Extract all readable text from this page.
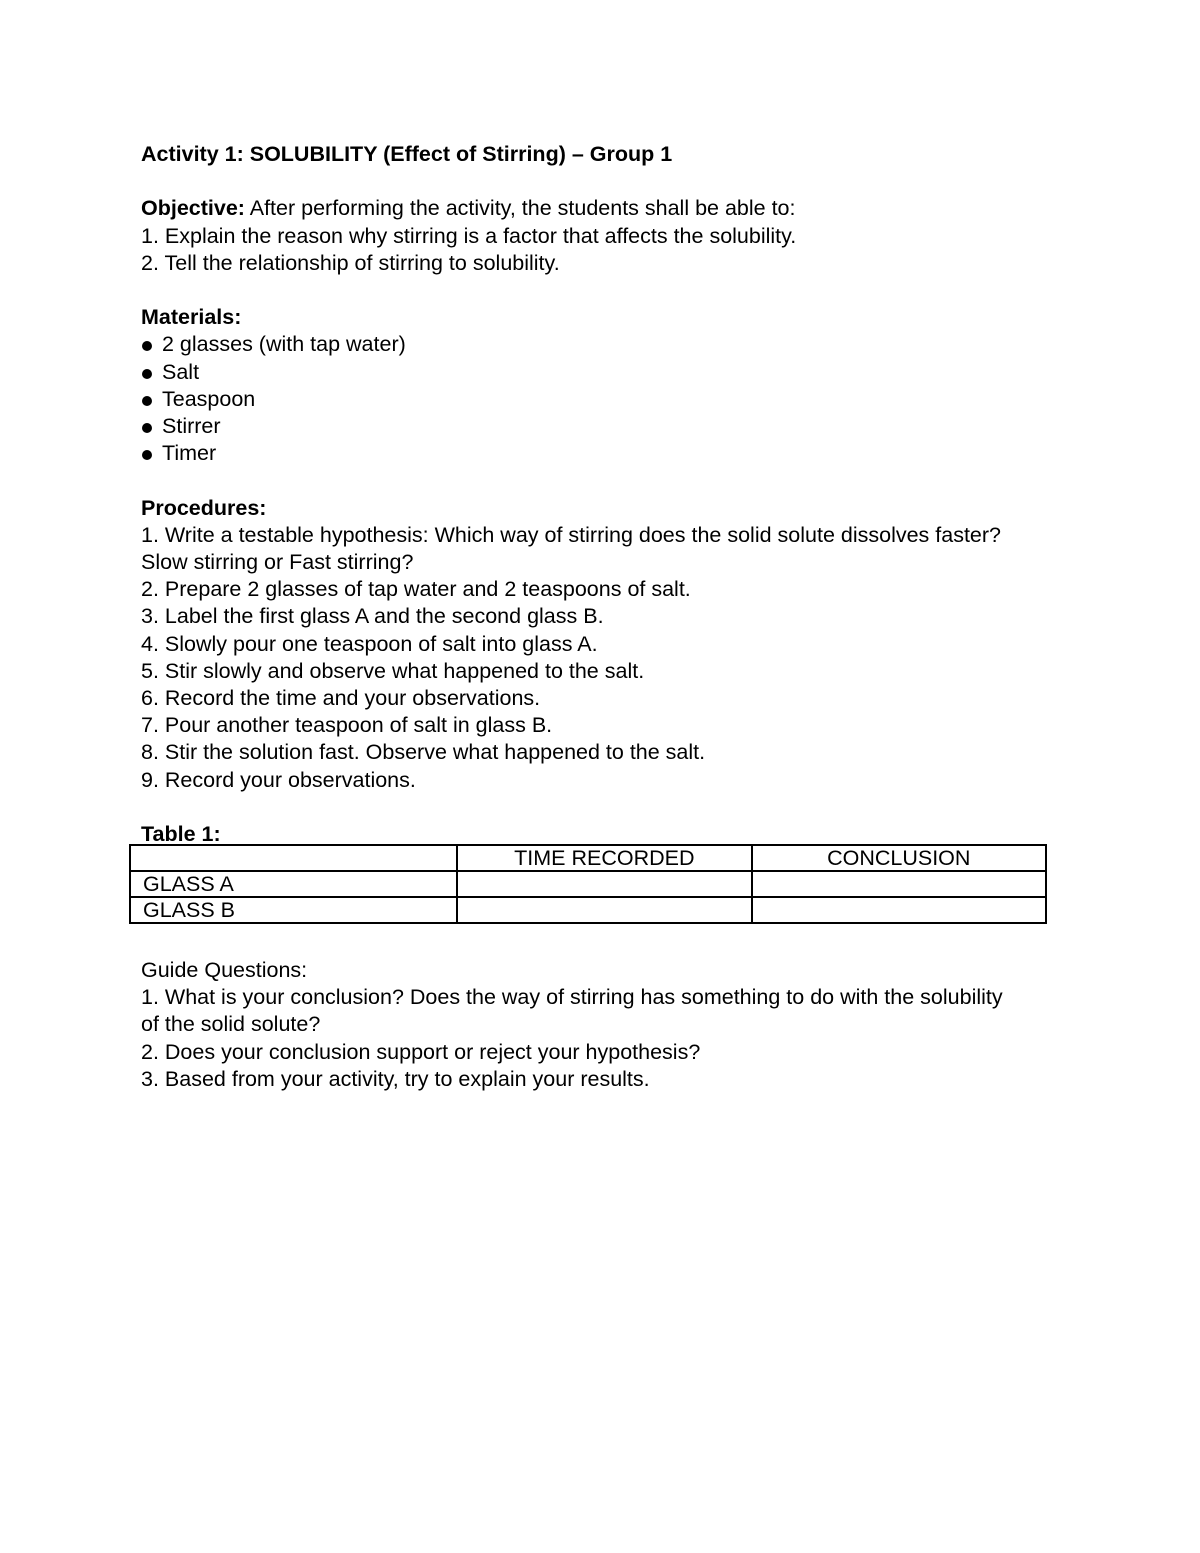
Activity 1: SOLUBILITY (Effect of Stirring) – Group 1

Objective: After performing the activity, the students shall be able to:

1. Explain the reason why stirring is a factor that affects the solubility.
2. Tell the relationship of stirring to solubility.

Materials:

2 glasses (with tap water)
Salt
Teaspoon
Stirrer
Timer

Procedures:

1. Write a testable hypothesis: Which way of stirring does the solid solute dissolves faster? Slow stirring or Fast stirring?
2. Prepare 2 glasses of tap water and 2 teaspoons of salt.
3. Label the first glass A and the second glass B.
4. Slowly pour one teaspoon of salt into glass A.
5. Stir slowly and observe what happened to the salt.
6. Record the time and your observations.
7. Pour another teaspoon of salt in glass B.
8. Stir the solution fast. Observe what happened to the salt.
9. Record your observations.

Table 1:

	TIME RECORDED	CONCLUSION
GLASS A		
GLASS B		

Guide Questions:

1. What is your conclusion? Does the way of stirring has something to do with the solubility of the solid solute?
2. Does your conclusion support or reject your hypothesis?
3. Based from your activity, try to explain your results.
